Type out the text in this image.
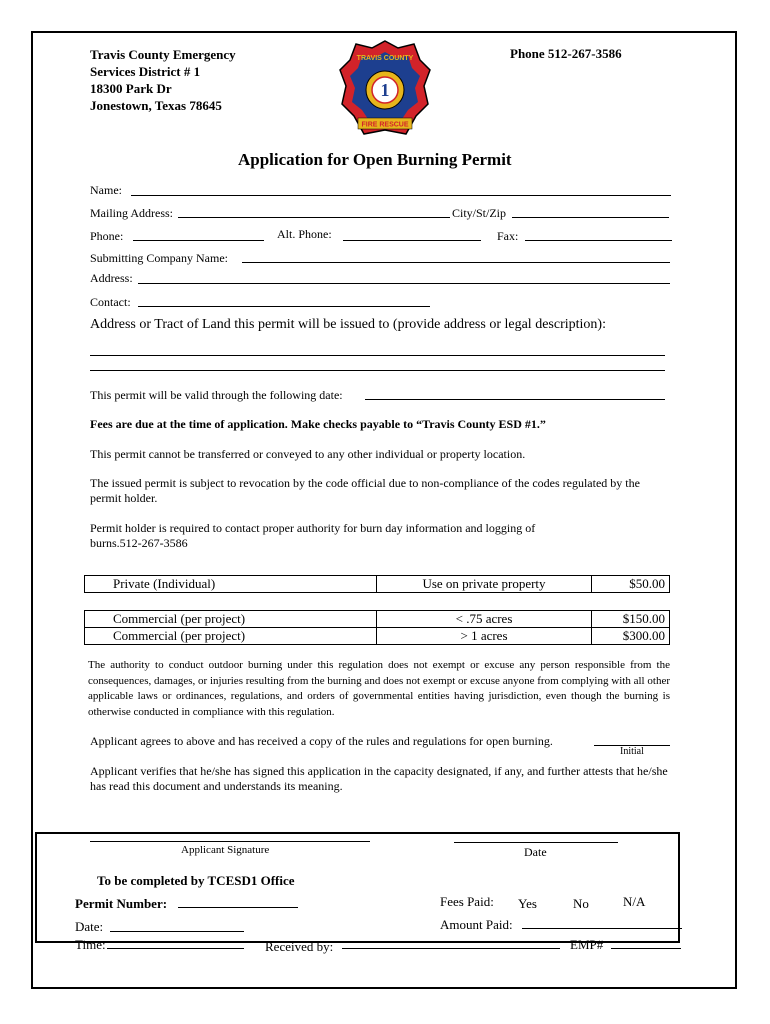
Travis County Emergency
Services District # 1
18300 Park Dr
Jonestown, Texas 78645
Phone 512-267-3586
1
TRAVIS COUNTY
FIRE RESCUE
Application for Open Burning Permit
Name:
Mailing Address:	City/St/Zip
Phone:	Alt. Phone:	Fax:
Submitting Company Name:
Address:
Contact:
Address or Tract of Land this permit will be issued to (provide address or legal description):
This permit will be valid through the following date:
Fees are due at the time of application. Make checks payable to “Travis County ESD #1.”
This permit cannot be transferred or conveyed to any other individual or property location.
The issued permit is subject to revocation by the code official due to non-compliance of the codes regulated by the permit holder.
Permit holder is required to contact proper authority for burn day information and logging of burns.512-267-3586
Private (Individual)	Use on private property	$50.00
Commercial (per project)	< .75 acres	$150.00
Commercial (per project)	> 1 acres	$300.00
The authority to conduct outdoor burning under this regulation does not exempt or excuse any person responsible from the consequences, damages, or injuries resulting from the burning and does not exempt or excuse anyone from complying with all other applicable laws or ordinances, regulations, and orders of governmental entities having jurisdiction, even though the burning is otherwise conducted in compliance with this regulation.
Applicant agrees to above and has received a copy of the rules and regulations for open burning.
Initial
Applicant verifies that he/she has signed this application in the capacity designated, if any, and further attests that he/she has read this document and understands its meaning.
Applicant Signature	Date
To be completed by TCESD1 Office
Permit Number:	Fees Paid: Yes	No	N/A
Date:	Amount Paid:
Time:	Received by:	EMP#
